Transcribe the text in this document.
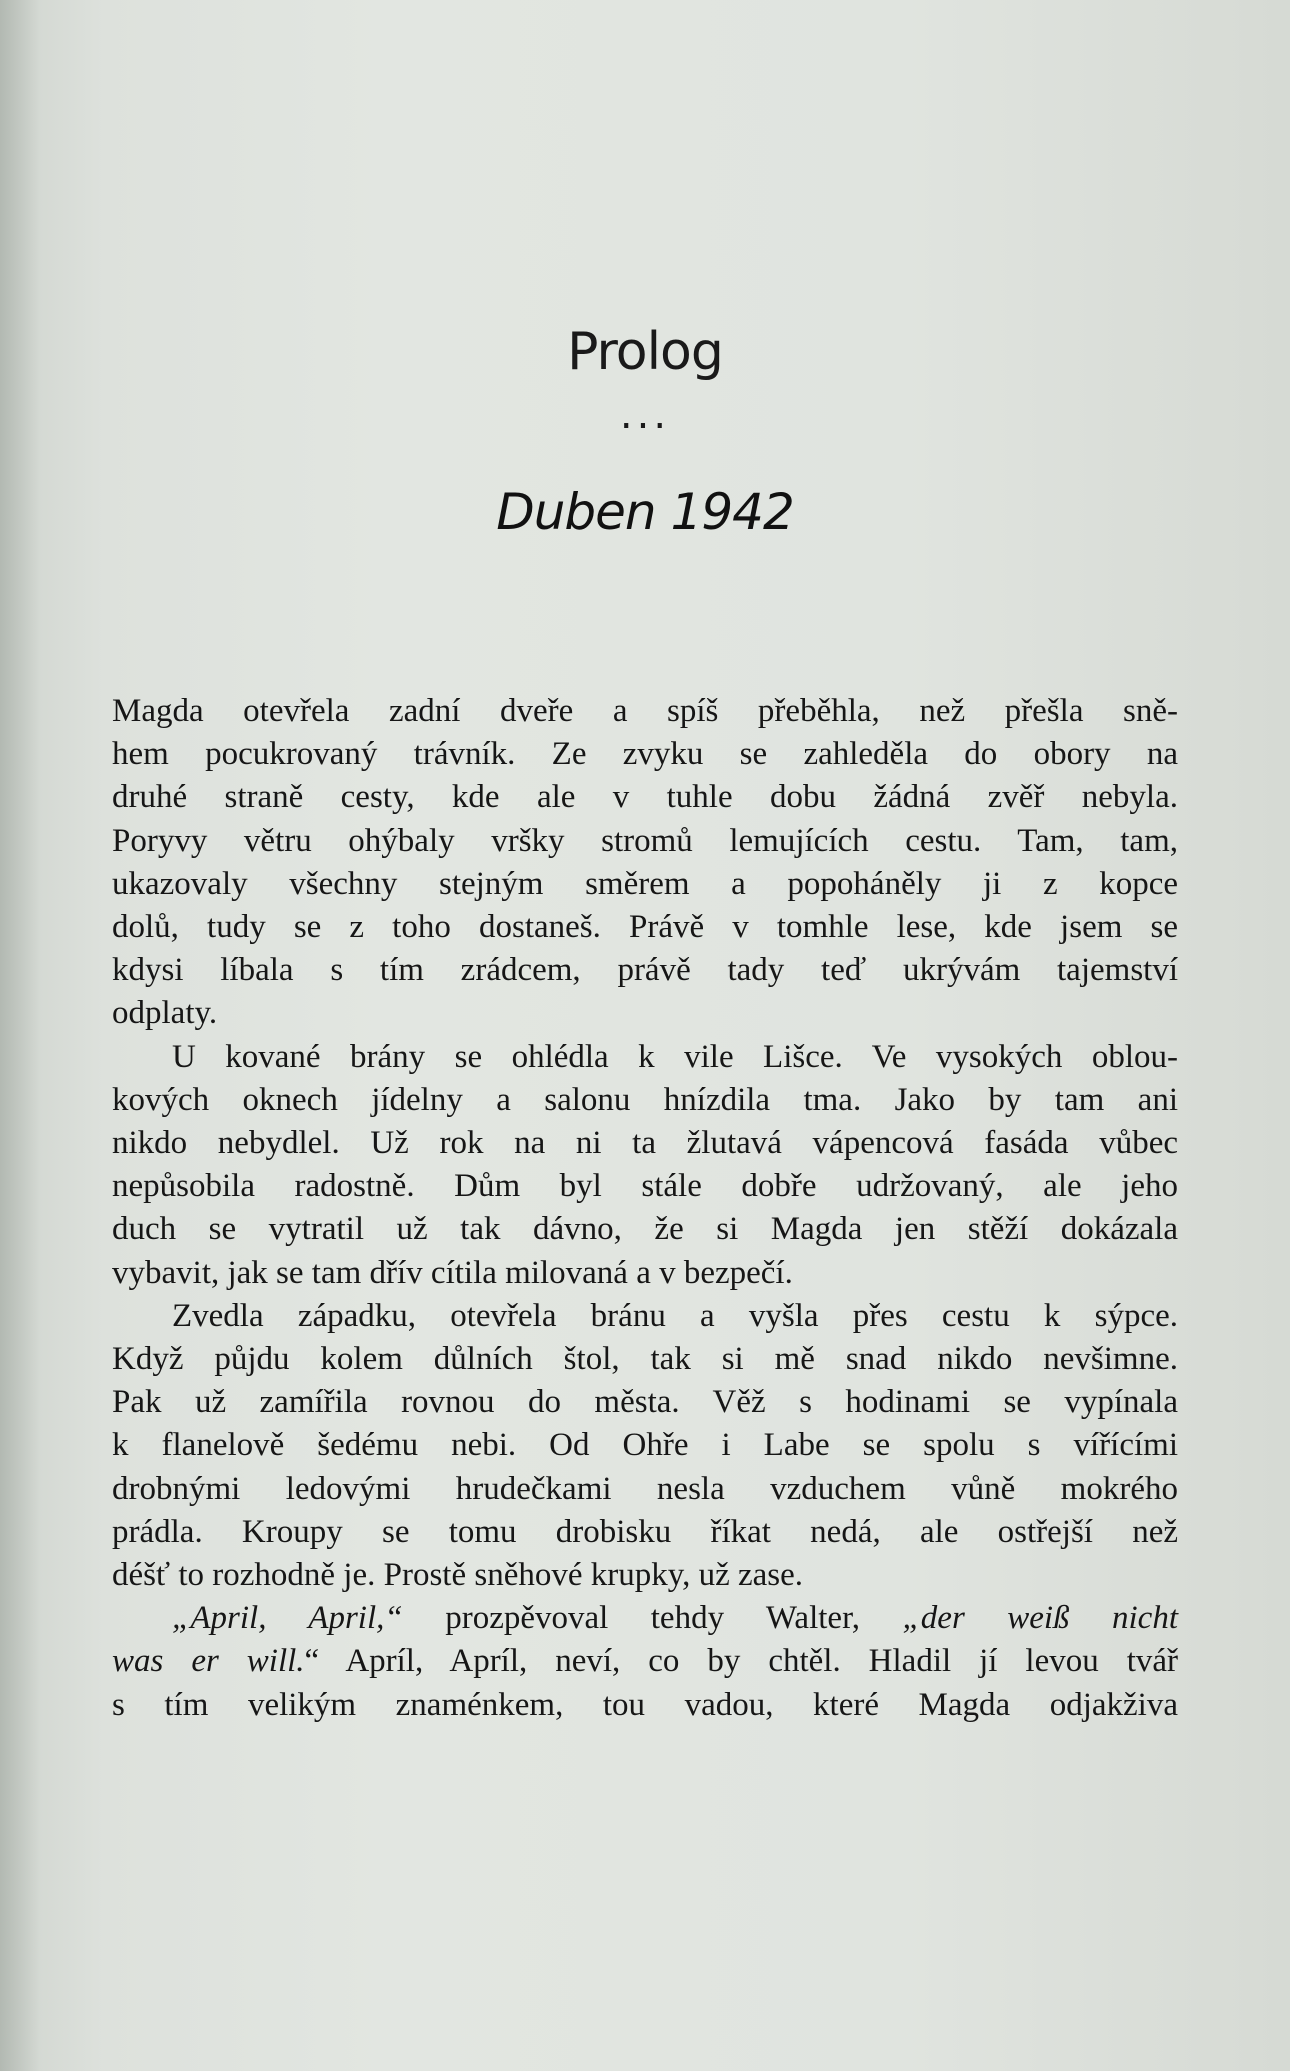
Prolog
...
Duben 1942

Magda otevřela zadní dveře a spíš přeběhla, než přešla sně-

hem pocukrovaný trávník. Ze zvyku se zahleděla do obory na

druhé straně cesty, kde ale v tuhle dobu žádná zvěř nebyla.

Poryvy větru ohýbaly vršky stromů lemujících cestu. Tam, tam,

ukazovaly všechny stejným směrem a popoháněly ji z kopce

dolů, tudy se z toho dostaneš. Právě v tomhle lese, kde jsem se

kdysi líbala s tím zrádcem, právě tady teď ukrývám tajemství

odplaty.

U kované brány se ohlédla k vile Lišce. Ve vysokých oblou-

kových oknech jídelny a salonu hnízdila tma. Jako by tam ani

nikdo nebydlel. Už rok na ni ta žlutavá vápencová fasáda vůbec

nepůsobila radostně. Dům byl stále dobře udržovaný, ale jeho

duch se vytratil už tak dávno, že si Magda jen stěží dokázala

vybavit, jak se tam dřív cítila milovaná a v bezpečí.

Zvedla západku, otevřela bránu a vyšla přes cestu k sýpce.

Když půjdu kolem důlních štol, tak si mě snad nikdo nevšimne.

Pak už zamířila rovnou do města. Věž s hodinami se vypínala

k flanelově šedému nebi. Od Ohře i Labe se spolu s vířícími

drobnými ledovými hrudečkami nesla vzduchem vůně mokrého

prádla. Kroupy se tomu drobisku říkat nedá, ale ostřejší než

déšť to rozhodně je. Prostě sněhové krupky, už zase.

„April, April,“ prozpěvoval tehdy Walter, „der weiß nicht

was er will.“ Apríl, Apríl, neví, co by chtěl. Hladil jí levou tvář

s tím velikým znaménkem, tou vadou, které Magda odjakživa
